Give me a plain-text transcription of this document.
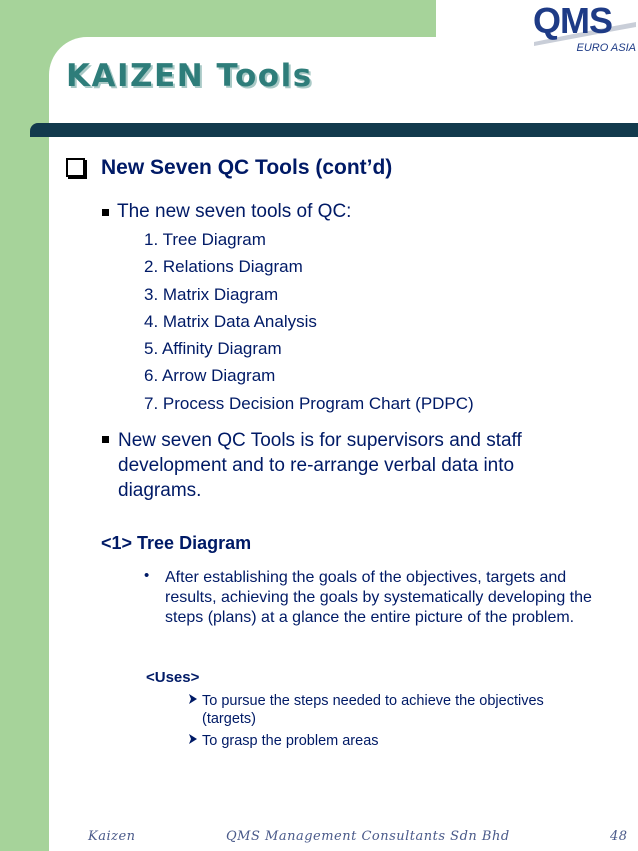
KAIZEN Tools
QMS
EURO ASIA
New Seven QC Tools (cont’d)
The new seven tools of QC:
1. Tree Diagram
2. Relations Diagram
3. Matrix Diagram
4. Matrix Data Analysis
5. Affinity Diagram
6. Arrow Diagram
7. Process Decision Program Chart (PDPC)
New seven QC Tools is for supervisors and staff development and to re-arrange verbal data into diagrams.
<1> Tree Diagram
• After establishing the goals of the objectives, targets and results, achieving the goals by systematically developing the steps (plans) at a glance the entire picture of the problem.
<Uses>
To pursue the steps needed to achieve the objectives
(targets)
To grasp the problem areas
Kaizen	QMS Management Consultants Sdn Bhd	48
